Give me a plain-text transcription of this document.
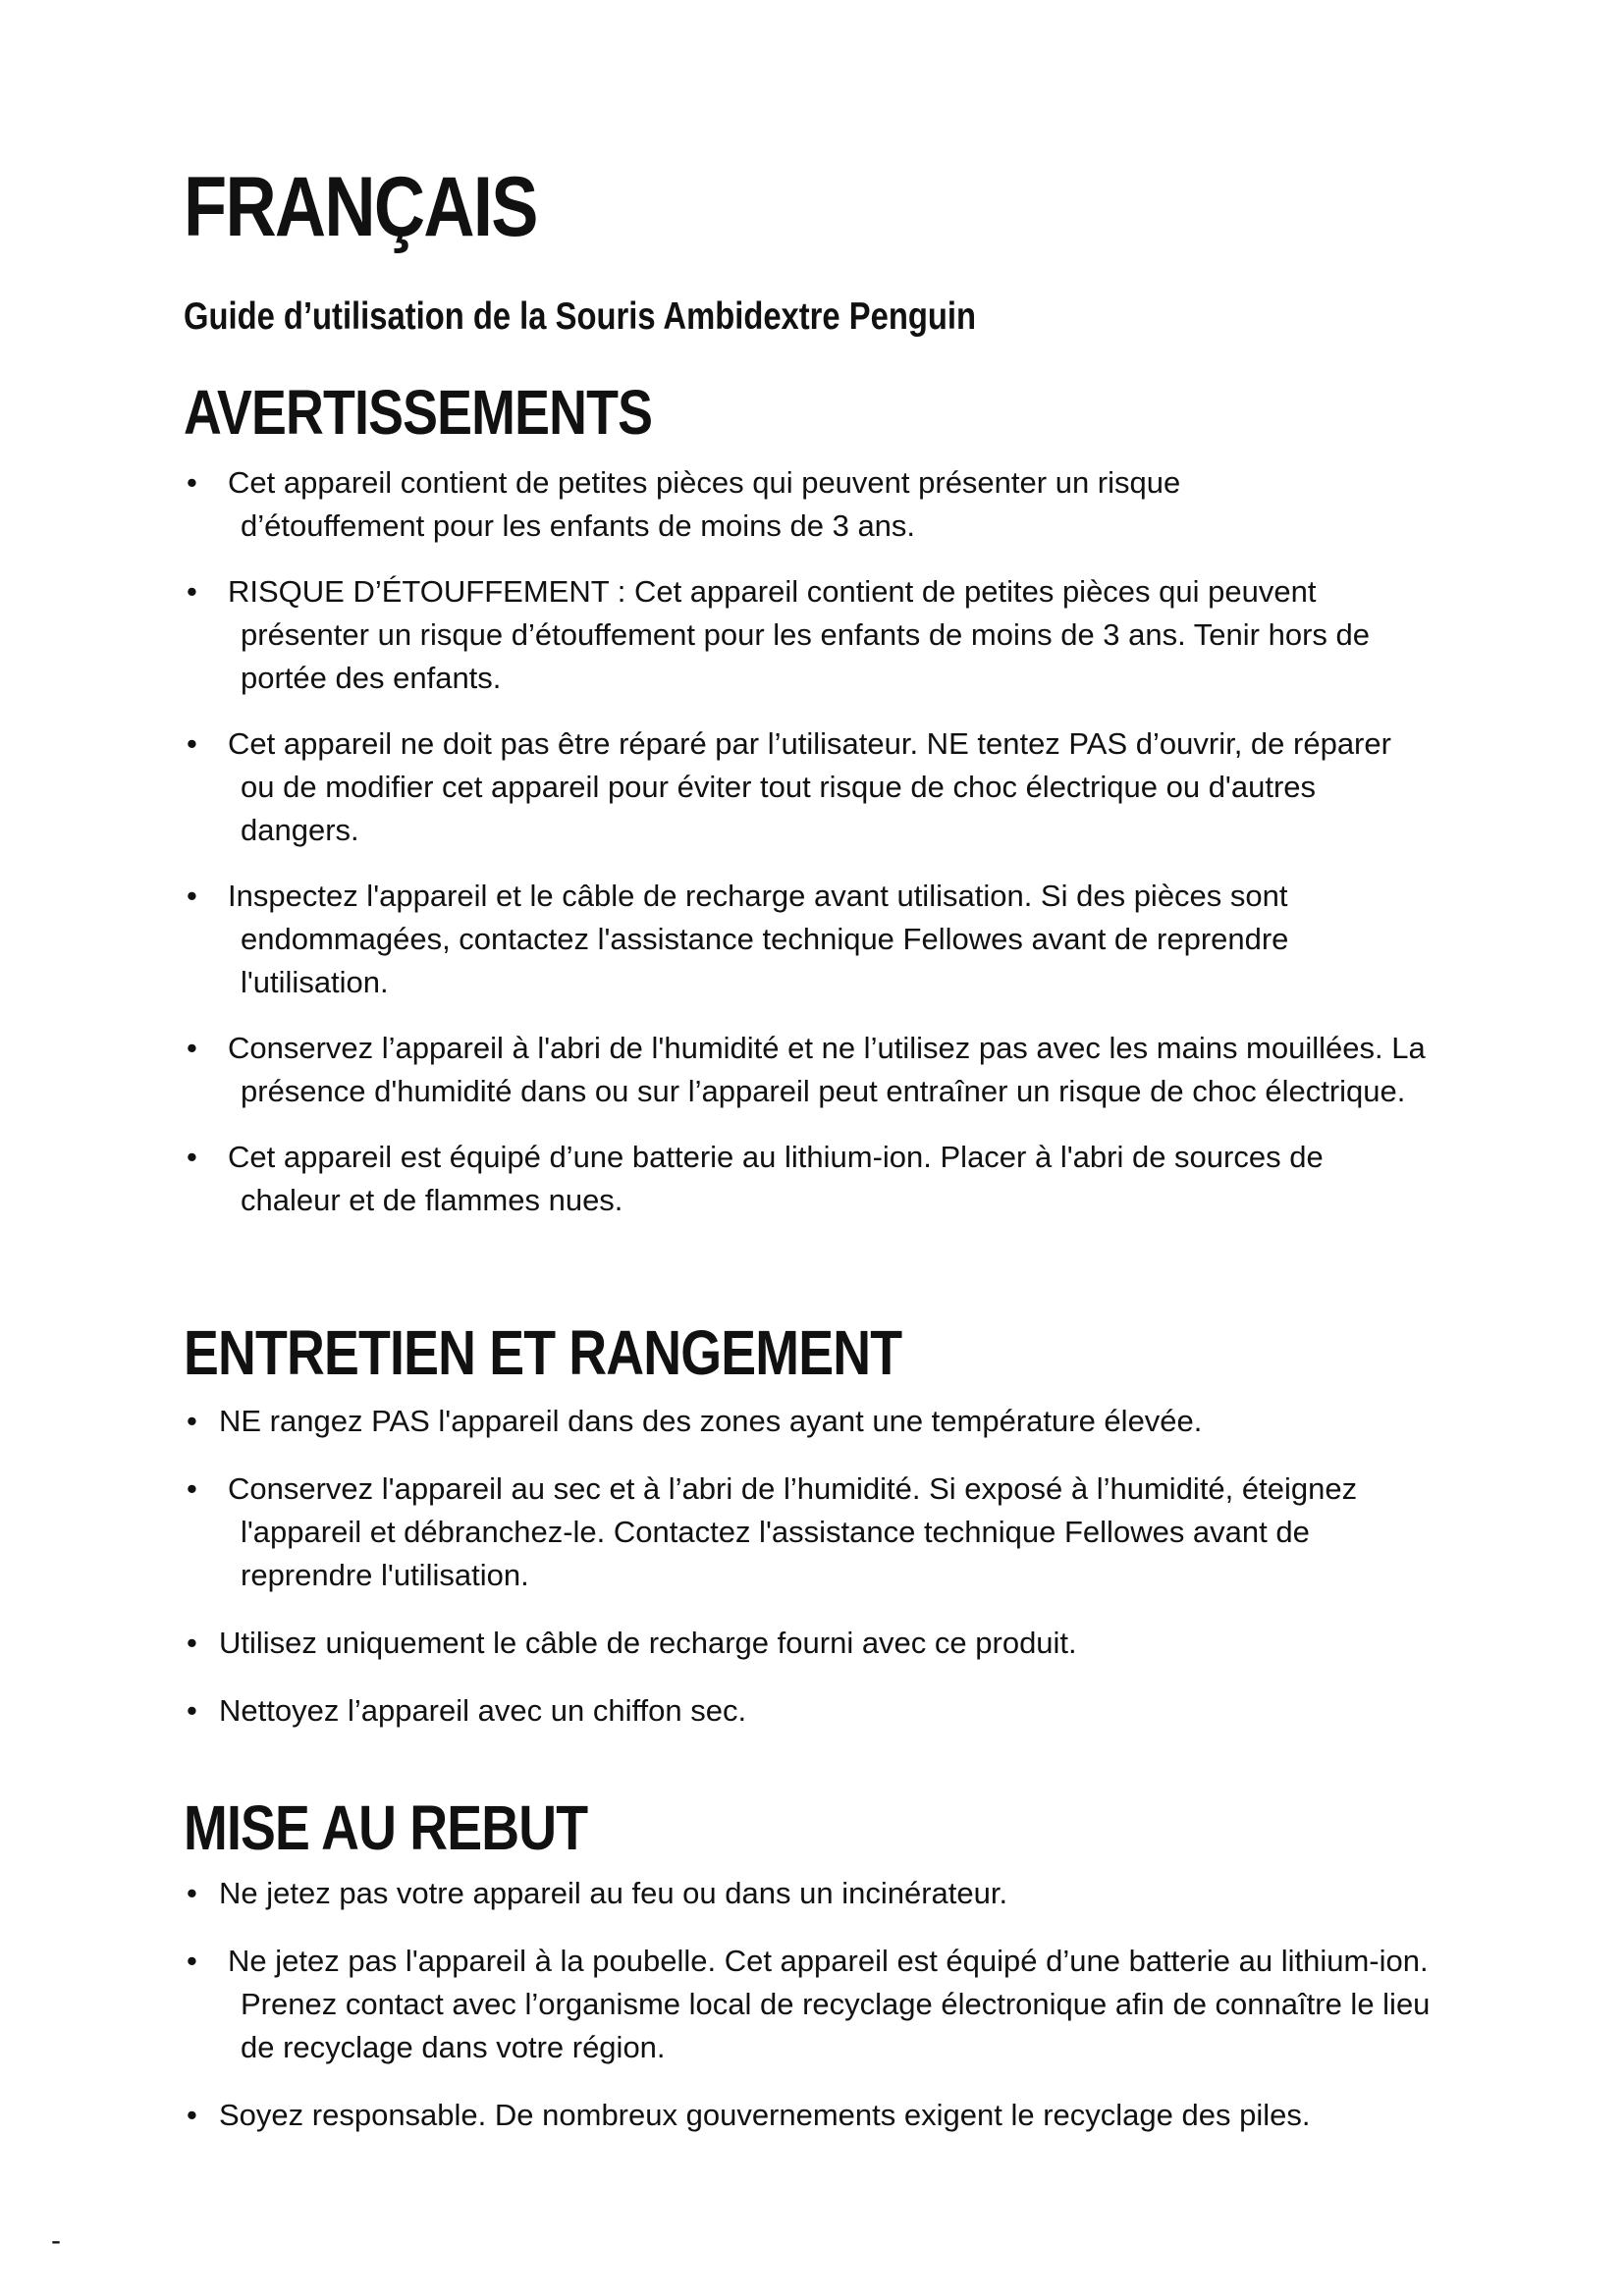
FRANÇAIS
Guide d’utilisation de la Souris Ambidextre Penguin
AVERTISSEMENTS
• Cet appareil contient de petites pièces qui peuvent présenter un risque d’étouffement pour les enfants de moins de 3 ans.
• RISQUE D’ÉTOUFFEMENT : Cet appareil contient de petites pièces qui peuvent présenter un risque d’étouffement pour les enfants de moins de 3 ans. Tenir hors de portée des enfants.
• Cet appareil ne doit pas être réparé par l’utilisateur. NE tentez PAS d’ouvrir, de réparer ou de modifier cet appareil pour éviter tout risque de choc électrique ou d'autres dangers.
• Inspectez l'appareil et le câble de recharge avant utilisation. Si des pièces sont endommagées, contactez l'assistance technique Fellowes avant de reprendre l'utilisation.
• Conservez l’appareil à l'abri de l'humidité et ne l’utilisez pas avec les mains mouillées. La présence d'humidité dans ou sur l’appareil peut entraîner un risque de choc électrique.
• Cet appareil est équipé d’une batterie au lithium-ion. Placer à l'abri de sources de chaleur et de flammes nues.
ENTRETIEN ET RANGEMENT
• NE rangez PAS l'appareil dans des zones ayant une température élevée.
• Conservez l'appareil au sec et à l’abri de l’humidité. Si exposé à l’humidité, éteignez l'appareil et débranchez-le. Contactez l'assistance technique Fellowes avant de reprendre l'utilisation.
• Utilisez uniquement le câble de recharge fourni avec ce produit.
• Nettoyez l’appareil avec un chiffon sec.
MISE AU REBUT
• Ne jetez pas votre appareil au feu ou dans un incinérateur.
• Ne jetez pas l'appareil à la poubelle. Cet appareil est équipé d’une batterie au lithium-ion. Prenez contact avec l’organisme local de recyclage électronique afin de connaître le lieu de recyclage dans votre région.
• Soyez responsable. De nombreux gouvernements exigent le recyclage des piles.
-
